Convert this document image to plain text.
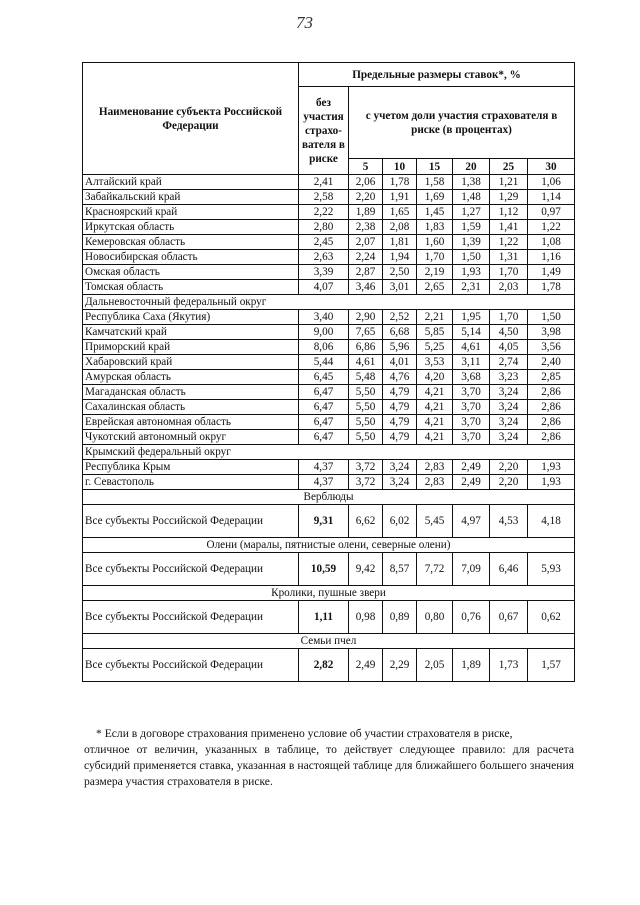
73
Наименование субъекта Российской Федерации	Предельные размеры ставок*, %						
	без участия страхо-вателя в риске	с учетом доли участия страхователя в риске (в процентах)					
		5	10	15	20	25	30
Алтайский край	2,41	2,06	1,78	1,58	1,38	1,21	1,06
Забайкальский край	2,58	2,20	1,91	1,69	1,48	1,29	1,14
Красноярский край	2,22	1,89	1,65	1,45	1,27	1,12	0,97
Иркутская область	2,80	2,38	2,08	1,83	1,59	1,41	1,22
Кемеровская область	2,45	2,07	1,81	1,60	1,39	1,22	1,08
Новосибирская область	2,63	2,24	1,94	1,70	1,50	1,31	1,16
Омская область	3,39	2,87	2,50	2,19	1,93	1,70	1,49
Томская область	4,07	3,46	3,01	2,65	2,31	2,03	1,78
Дальневосточный федеральный округ							
Республика Саха (Якутия)	3,40	2,90	2,52	2,21	1,95	1,70	1,50
Камчатский край	9,00	7,65	6,68	5,85	5,14	4,50	3,98
Приморский край	8,06	6,86	5,96	5,25	4,61	4,05	3,56
Хабаровский край	5,44	4,61	4,01	3,53	3,11	2,74	2,40
Амурская область	6,45	5,48	4,76	4,20	3,68	3,23	2,85
Магаданская область	6,47	5,50	4,79	4,21	3,70	3,24	2,86
Сахалинская область	6,47	5,50	4,79	4,21	3,70	3,24	2,86
Еврейская автономная область	6,47	5,50	4,79	4,21	3,70	3,24	2,86
Чукотский автономный округ	6,47	5,50	4,79	4,21	3,70	3,24	2,86
Крымский федеральный округ							
Республика Крым	4,37	3,72	3,24	2,83	2,49	2,20	1,93
г. Севастополь	4,37	3,72	3,24	2,83	2,49	2,20	1,93
Верблюды							
Все субъекты Российской Федерации	9,31	6,62	6,02	5,45	4,97	4,53	4,18
Олени (маралы, пятнистые олени, северные олени)							
Все субъекты Российской Федерации	10,59	9,42	8,57	7,72	7,09	6,46	5,93
Кролики, пушные звери							
Все субъекты Российской Федерации	1,11	0,98	0,89	0,80	0,76	0,67	0,62
Семьи пчел							
Все субъекты Российской Федерации	2,82	2,49	2,29	2,05	1,89	1,73	1,57
* Если в договоре страхования применено условие об участии страхователя в риске,
отличное от величин, указанных в таблице, то действует следующее правило: для расчета субсидий применяется ставка, указанная в настоящей таблице для ближайшего большего значения размера участия страхователя в риске.
